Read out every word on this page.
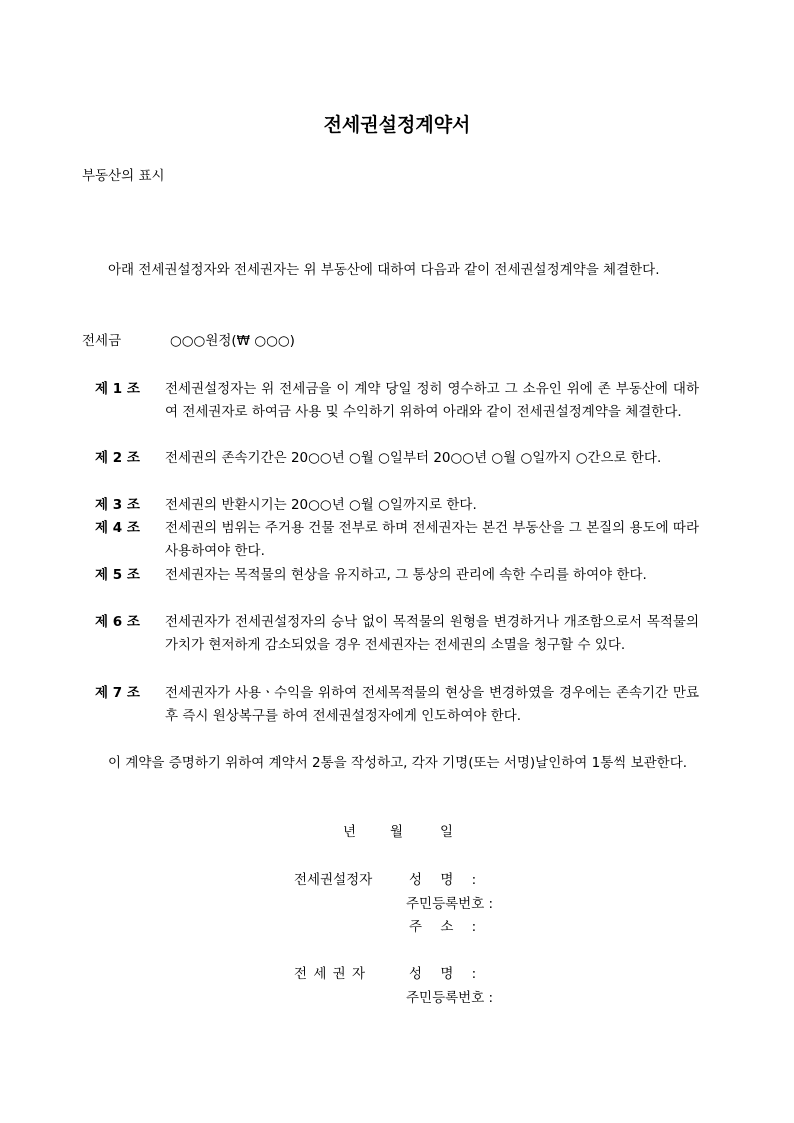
전세권설정계약서
부동산의 표시
아래 전세권설정자와 전세권자는 위 부동산에 대하여 다음과 같이 전세권설정계약을 체결한다.
전세금	○○○원정(₩ ○○○)
제 1 조 전세권설정자는 위 전세금을 이 계약 당일 정히 영수하고 그 소유인 위에 존 부동산에 대하여 전세권자로 하여금 사용 및 수익하기 위하여 아래와 같이 전세권설정계약을 체결한다.
제 2 조 전세권의 존속기간은 20○○년 ○월 ○일부터 20○○년 ○월 ○일까지 ○간으로 한다.
제 3 조 전세권의 반환시기는 20○○년 ○월 ○일까지로 한다.
제 4 조 전세권의 범위는 주거용 건물 전부로 하며 전세권자는 본건 부동산을 그 본질의 용도에 따라 사용하여야 한다.
제 5 조 전세권자는 목적물의 현상을 유지하고, 그 통상의 관리에 속한 수리를 하여야 한다.
제 6 조 전세권자가 전세권설정자의 승낙 없이 목적물의 원형을 변경하거나 개조함으로서 목적물의 가치가 현저하게 감소되었을 경우 전세권자는 전세권의 소멸을 청구할 수 있다.
제 7 조 전세권자가 사용ㆍ수익을 위하여 전세목적물의 현상을 변경하였을 경우에는 존속기간 만료 후 즉시 원상복구를 하여 전세권설정자에게 인도하여야 한다.
이 계약을 증명하기 위하여 계약서 2통을 작성하고, 각자 기명(또는 서명)날인하여 1통씩 보관한다.
년	월	일
전세권설정자	성 명 :
주민등록번호 :
주 소 :
전 세 권 자	성 명 :
주민등록번호 :
